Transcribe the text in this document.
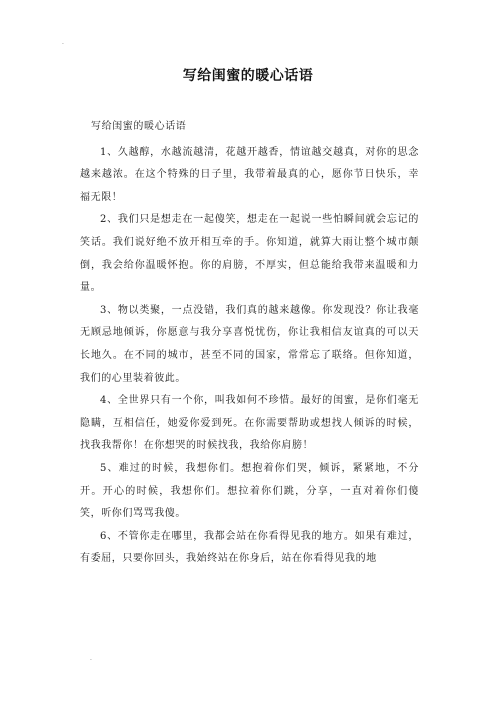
.
写给闺蜜的暖心话语

写给闺蜜的暖心话语

1、久越醇，水越流越清，花越开越香，情谊越交越真，对你的思念越来越浓。在这个特殊的日子里，我带着最真的心，愿你节日快乐，幸福无限！

2、我们只是想走在一起傻笑，想走在一起说一些怕瞬间就会忘记的笑话。我们说好绝不放开相互牵的手。你知道，就算大雨让整个城市颠倒，我会给你温暖怀抱。你的肩膀，不厚实，但总能给我带来温暖和力量。

3、物以类聚，一点没错，我们真的越来越像。你发现没？你让我毫无顾忌地倾诉，你愿意与我分享喜悦忧伤，你让我相信友谊真的可以天长地久。在不同的城市，甚至不同的国家，常常忘了联络。但你知道，我们的心里装着彼此。

4、全世界只有一个你，叫我如何不珍惜。最好的闺蜜，是你们毫无隐瞒，互相信任，她爱你爱到死。在你需要帮助或想找人倾诉的时候，找我我帮你！在你想哭的时候找我，我给你肩膀！

5、难过的时候，我想你们。想抱着你们哭，倾诉，紧紧地，不分开。开心的时候，我想你们。想拉着你们跳，分享，一直对着你们傻笑，听你们骂骂我傻。

6、不管你走在哪里，我都会站在你看得见我的地方。如果有难过，有委屈，只要你回头，我始终站在你身后，站在你看得见我的地

.
